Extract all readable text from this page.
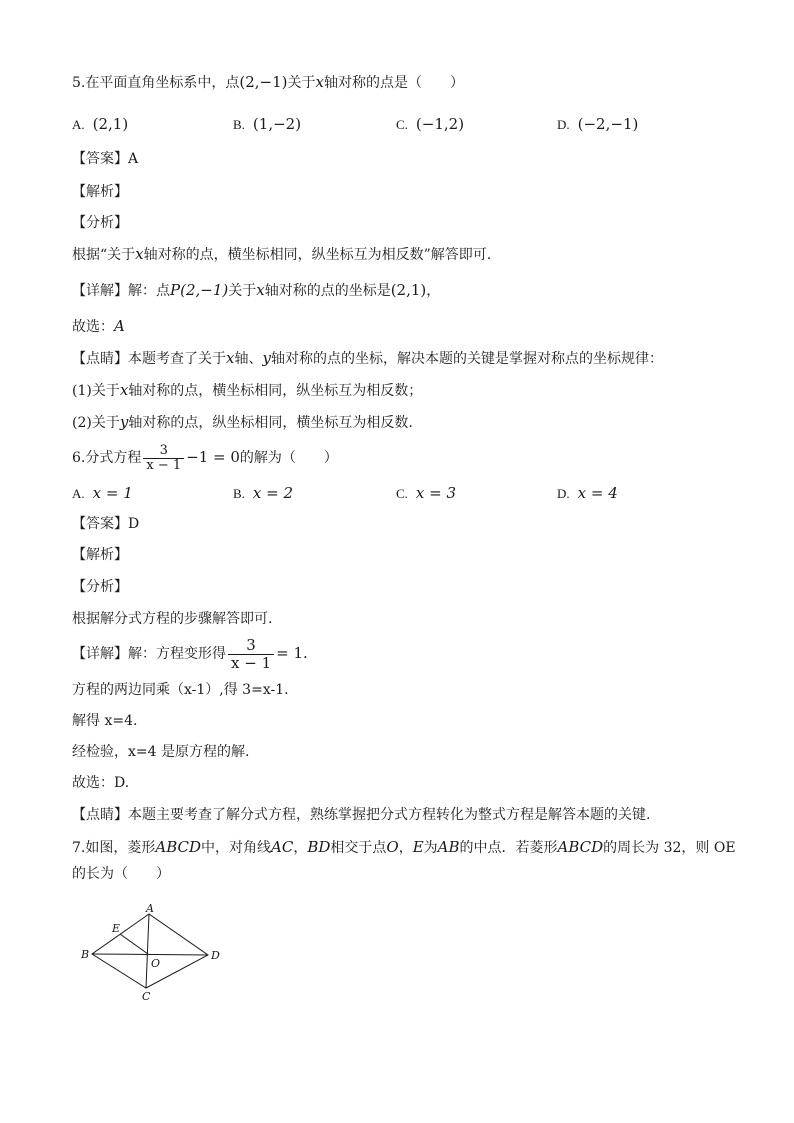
5.在平面直角坐标系中，点(2,−1)关于x轴对称的点是（　　）
A. (2,1)	B. (1,−2)	C. (−1,2)	D. (−2,−1)
【答案】A
【解析】
【分析】
根据“关于x轴对称的点，横坐标相同，纵坐标互为相反数”解答即可.
【详解】解：点P(2,−1)关于x轴对称的点的坐标是(2,1)，
故选：A
【点睛】本题考查了关于x轴、y轴对称的点的坐标，解决本题的关键是掌握对称点的坐标规律：
(1)关于x轴对称的点，横坐标相同，纵坐标互为相反数；
(2)关于y轴对称的点，纵坐标相同，横坐标互为相反数.
6.分式方程 $\frac{3}{x - 1} -1 = 0$的解为（　　）
A. x = 1	B. x = 2	C. x = 3	D. x = 4
【答案】D
【解析】
【分析】
根据解分式方程的步骤解答即可.
【详解】解：方程变形得 $\frac{3}{x - 1} = 1$.
方程的两边同乘（x-1）,得 3=x-1.
解得 x=4.
经检验，x=4 是原方程的解.
故选：D.
【点睛】本题主要考查了解分式方程，熟练掌握把分式方程转化为整式方程是解答本题的关键.
7.如图，菱形ABCD中，对角线AC，BD相交于点O，E为AB的中点．若菱形ABCD的周长为 32，则 OE
的长为（　　）
A
B
C
D
E
O
